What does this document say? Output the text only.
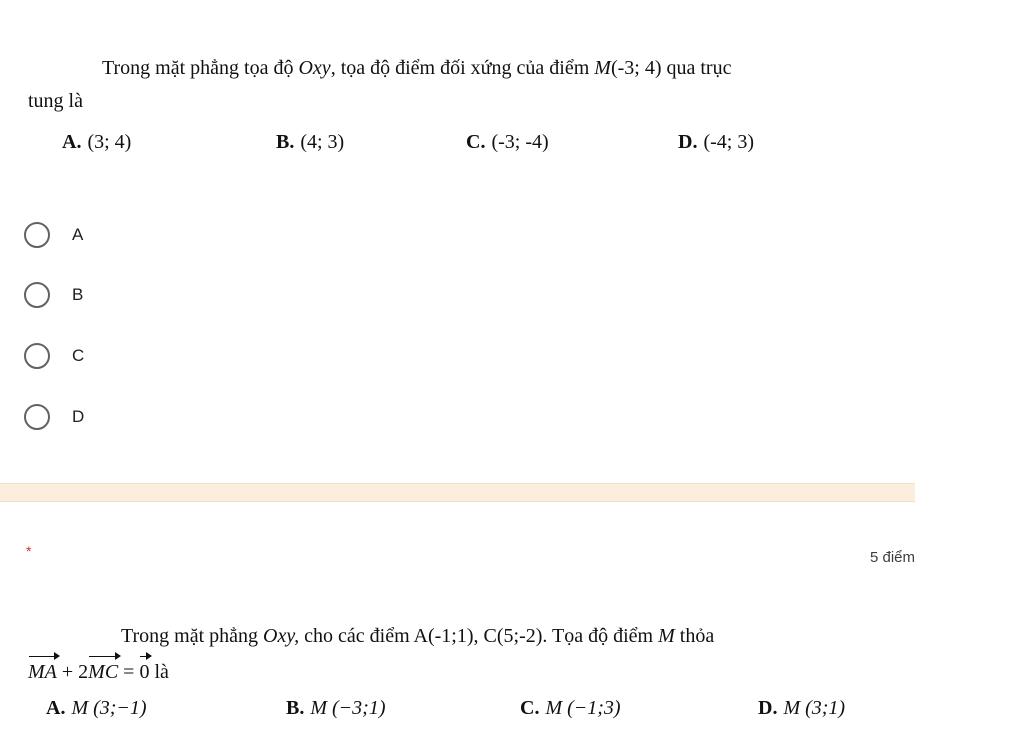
Trong mặt phẳng tọa độ Oxy, tọa độ điểm đối xứng của điểm M(-3; 4) qua trục
tung là
A. (3; 4)	B. (4; 3)	C. (-3; -4)	D. (-4; 3)
A
B
C
D
*	5 điểm
Trong mặt phẳng Oxy, cho các điểm A(-1;1), C(5;-2). Tọa độ điểm M thỏa
MA + 2MC = 0 là
A. M (3;−1)	B. M (−3;1)	C. M (−1;3)	D. M (3;1)
